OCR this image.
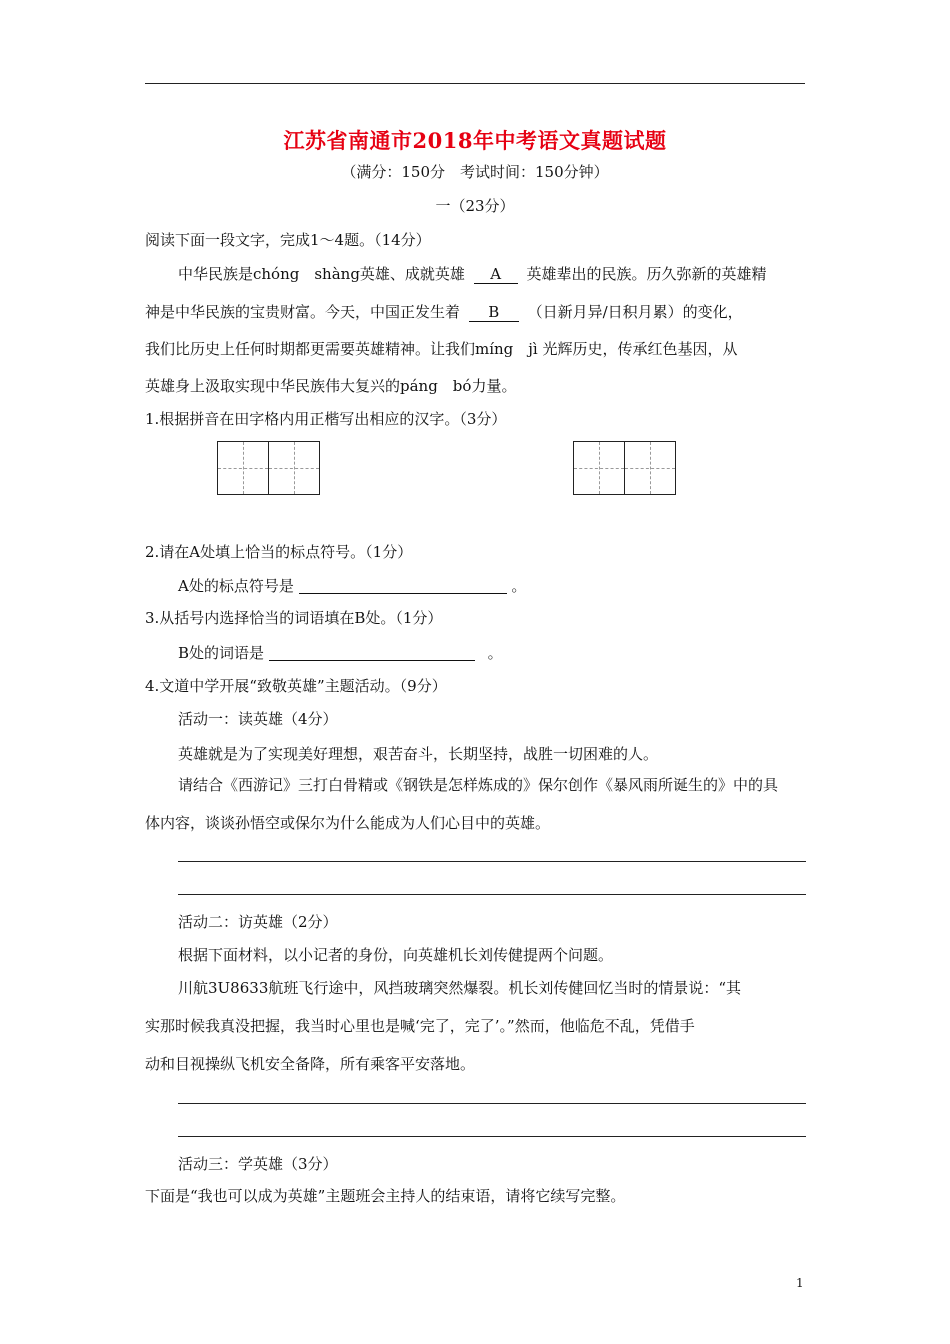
江苏省南通市2018年中考语文真题试题
（满分：150分　考试时间：150分钟）
一（23分）
阅读下面一段文字，完成1～4题。（14分）
中华民族是chóng　shàng英雄、成就英雄 A 英雄辈出的民族。历久弥新的英雄精
神是中华民族的宝贵财富。今天，中国正发生着 B （日新月异/日积月累）的变化，
我们比历史上任何时期都更需要英雄精神。让我们míng　jì 光辉历史，传承红色基因，从
英雄身上汲取实现中华民族伟大复兴的páng　bó力量。
1.根据拼音在田字格内用正楷写出相应的汉字。（3分）
2.请在A处填上恰当的标点符号。（1分）
A处的标点符号是	。
3.从括号内选择恰当的词语填在B处。（1分）
B处的词语是	。
4.文道中学开展“致敬英雄”主题活动。（9分）
活动一：读英雄（4分）
英雄就是为了实现美好理想，艰苦奋斗，长期坚持，战胜一切困难的人。
请结合《西游记》三打白骨精或《钢铁是怎样炼成的》保尔创作《暴风雨所诞生的》中的具
体内容，谈谈孙悟空或保尔为什么能成为人们心目中的英雄。
活动二：访英雄（2分）
根据下面材料，以小记者的身份，向英雄机长刘传健提两个问题。
川航3U8633航班飞行途中，风挡玻璃突然爆裂。机长刘传健回忆当时的情景说：“其
实那时候我真没把握，我当时心里也是喊‘完了，完了’。”然而，他临危不乱，凭借手
动和目视操纵飞机安全备降，所有乘客平安落地。
活动三：学英雄（3分）
下面是“我也可以成为英雄”主题班会主持人的结束语，请将它续写完整。
1
